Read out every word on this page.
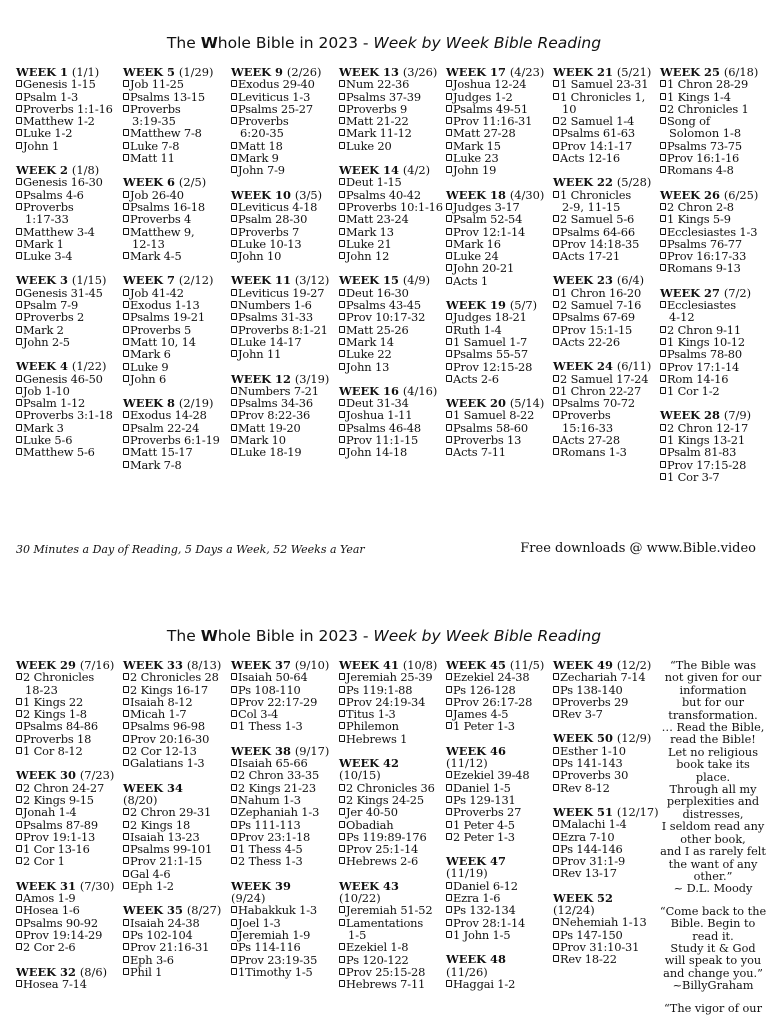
The Whole Bible in 2023 - Week by Week Bible Reading
WEEK 1 (1/1)
Genesis 1-15
Psalm 1-3
Proverbs 1:1-16
Matthew 1-2
Luke 1-2
John 1
WEEK 2 (1/8)
Genesis 16-30
Psalms 4-6
Proverbs
1:17-33
Matthew 3-4
Mark 1
Luke 3-4
WEEK 3 (1/15)
Genesis 31-45
Psalm 7-9
Proverbs 2
Mark 2
John 2-5
WEEK 4 (1/22)
Genesis 46-50
Job 1-10
Psalm 1-12
Proverbs 3:1-18
Mark 3
Luke 5-6
Matthew 5-6
WEEK 5 (1/29)
Job 11-25
Psalms 13-15
Proverbs
3:19-35
Matthew 7-8
Luke 7-8
Matt 11
WEEK 6 (2/5)
Job 26-40
Psalms 16-18
Proverbs 4
Matthew 9,
12-13
Mark 4-5
WEEK 7 (2/12)
Job 41-42
Exodus 1-13
Psalms 19-21
Proverbs 5
Matt 10, 14
Mark 6
Luke 9
John 6
WEEK 8 (2/19)
Exodus 14-28
Psalm 22-24
Proverbs 6:1-19
Matt 15-17
Mark 7-8
WEEK 9 (2/26)
Exodus 29-40
Leviticus 1-3
Psalms 25-27
Proverbs
6:20-35
Matt 18
Mark 9
John 7-9
WEEK 10 (3/5)
Leviticus 4-18
Psalm 28-30
Proverbs 7
Luke 10-13
John 10
WEEK 11 (3/12)
Leviticus 19-27
Numbers 1-6
Psalms 31-33
Proverbs 8:1-21
Luke 14-17
John 11
WEEK 12 (3/19)
Numbers 7-21
Psalms 34-36
Prov 8:22-36
Matt 19-20
Mark 10
Luke 18-19
WEEK 13 (3/26)
Num 22-36
Psalms 37-39
Proverbs 9
Matt 21-22
Mark 11-12
Luke 20
WEEK 14 (4/2)
Deut 1-15
Psalms 40-42
Proverbs 10:1-16
Matt 23-24
Mark 13
Luke 21
John 12
WEEK 15 (4/9)
Deut 16-30
Psalms 43-45
Prov 10:17-32
Matt 25-26
Mark 14
Luke 22
John 13
WEEK 16 (4/16)
Deut 31-34
Joshua 1-11
Psalms 46-48
Prov 11:1-15
John 14-18
WEEK 17 (4/23)
Joshua 12-24
Judges 1-2
Psalms 49-51
Prov 11:16-31
Matt 27-28
Mark 15
Luke 23
John 19
WEEK 18 (4/30)
Judges 3-17
Psalm 52-54
Prov 12:1-14
Mark 16
Luke 24
John 20-21
Acts 1
WEEK 19 (5/7)
Judges 18-21
Ruth 1-4
1 Samuel 1-7
Psalms 55-57
Prov 12:15-28
Acts 2-6
WEEK 20 (5/14)
1 Samuel 8-22
Psalms 58-60
Proverbs 13
Acts 7-11
WEEK 21 (5/21)
1 Samuel 23-31
1 Chronicles 1,
10
2 Samuel 1-4
Psalms 61-63
Prov 14:1-17
Acts 12-16
WEEK 22 (5/28)
1 Chronicles
2-9, 11-15
2 Samuel 5-6
Psalms 64-66
Prov 14:18-35
Acts 17-21
WEEK 23 (6/4)
1 Chron 16-20
2 Samuel 7-16
Psalms 67-69
Prov 15:1-15
Acts 22-26
WEEK 24 (6/11)
2 Samuel 17-24
1 Chron 22-27
Psalms 70-72
Proverbs
15:16-33
Acts 27-28
Romans 1-3
WEEK 25 (6/18)
1 Chron 28-29
1 Kings 1-4
2 Chronicles 1
Song of
Solomon 1-8
Psalms 73-75
Prov 16:1-16
Romans 4-8
WEEK 26 (6/25)
2 Chron 2-8
1 Kings 5-9
Ecclesiastes 1-3
Psalms 76-77
Prov 16:17-33
Romans 9-13
WEEK 27 (7/2)
Ecclesiastes
4-12
2 Chron 9-11
1 Kings 10-12
Psalms 78-80
Prov 17:1-14
Rom 14-16
1 Cor 1-2
WEEK 28 (7/9)
2 Chron 12-17
1 Kings 13-21
Psalm 81-83
Prov 17:15-28
1 Cor 3-7
30 Minutes a Day of Reading, 5 Days a Week, 52 Weeks a Year	Free downloads @ www.Bible.video
The Whole Bible in 2023 - Week by Week Bible Reading
WEEK 29 (7/16)
2 Chronicles
18-23
1 Kings 22
2 Kings 1-8
Psalms 84-86
Proverbs 18
1 Cor 8-12
WEEK 30 (7/23)
2 Chron 24-27
2 Kings 9-15
Jonah 1-4
Psalms 87-89
Prov 19:1-13
1 Cor 13-16
2 Cor 1
WEEK 31 (7/30)
Amos 1-9
Hosea 1-6
Psalms 90-92
Prov 19:14-29
2 Cor 2-6
WEEK 32 (8/6)
Hosea 7-14
WEEK 33 (8/13)
2 Chronicles 28
2 Kings 16-17
Isaiah 8-12
Micah 1-7
Psalms 96-98
Prov 20:16-30
2 Cor 12-13
Galatians 1-3
WEEK 34
(8/20)
2 Chron 29-31
2 Kings 18
Isaiah 13-23
Psalms 99-101
Prov 21:1-15
Gal 4-6
Eph 1-2
WEEK 35 (8/27)
Isaiah 24-38
Ps 102-104
Prov 21:16-31
Eph 3-6
Phil 1
WEEK 37 (9/10)
Isaiah 50-64
Ps 108-110
Prov 22:17-29
Col 3-4
1 Thess 1-3
WEEK 38 (9/17)
Isaiah 65-66
2 Chron 33-35
2 Kings 21-23
Nahum 1-3
Zephaniah 1-3
Ps 111-113
Prov 23:1-18
1 Thess 4-5
2 Thess 1-3
WEEK 39
(9/24)
Habakkuk 1-3
Joel 1-3
Jeremiah 1-9
Ps 114-116
Prov 23:19-35
1Timothy 1-5
WEEK 41 (10/8)
Jeremiah 25-39
Ps 119:1-88
Prov 24:19-34
Titus 1-3
Philemon
Hebrews 1
WEEK 42
(10/15)
2 Chronicles 36
2 Kings 24-25
Jer 40-50
Obadiah
Ps 119:89-176
Prov 25:1-14
Hebrews 2-6
WEEK 43
(10/22)
Jeremiah 51-52
Lamentations
1-5
Ezekiel 1-8
Ps 120-122
Prov 25:15-28
Hebrews 7-11
WEEK 45 (11/5)
Ezekiel 24-38
Ps 126-128
Prov 26:17-28
James 4-5
1 Peter 1-3
WEEK 46
(11/12)
Ezekiel 39-48
Daniel 1-5
Ps 129-131
Proverbs 27
1 Peter 4-5
2 Peter 1-3
WEEK 47
(11/19)
Daniel 6-12
Ezra 1-6
Ps 132-134
Prov 28:1-14
1 John 1-5
WEEK 48
(11/26)
Haggai 1-2
WEEK 49 (12/2)
Zechariah 7-14
Ps 138-140
Proverbs 29
Rev 3-7
WEEK 50 (12/9)
Esther 1-10
Ps 141-143
Proverbs 30
Rev 8-12
WEEK 51 (12/17)
Malachi 1-4
Ezra 7-10
Ps 144-146
Prov 31:1-9
Rev 13-17
WEEK 52
(12/24)
Nehemiah 1-13
Ps 147-150
Prov 31:10-31
Rev 18-22
“The Bible was
not given for our
information
but for our
transformation.
… Read the Bible,
read the Bible!
Let no religious
book take its
place.
Through all my
perplexities and
distresses,
I seldom read any
other book,
and I as rarely felt
the want of any
other.”
~ D.L. Moody
“Come back to the
Bible. Begin to
read it.
Study it & God
will speak to you
and change you.”
~BillyGraham
“The vigor of our
